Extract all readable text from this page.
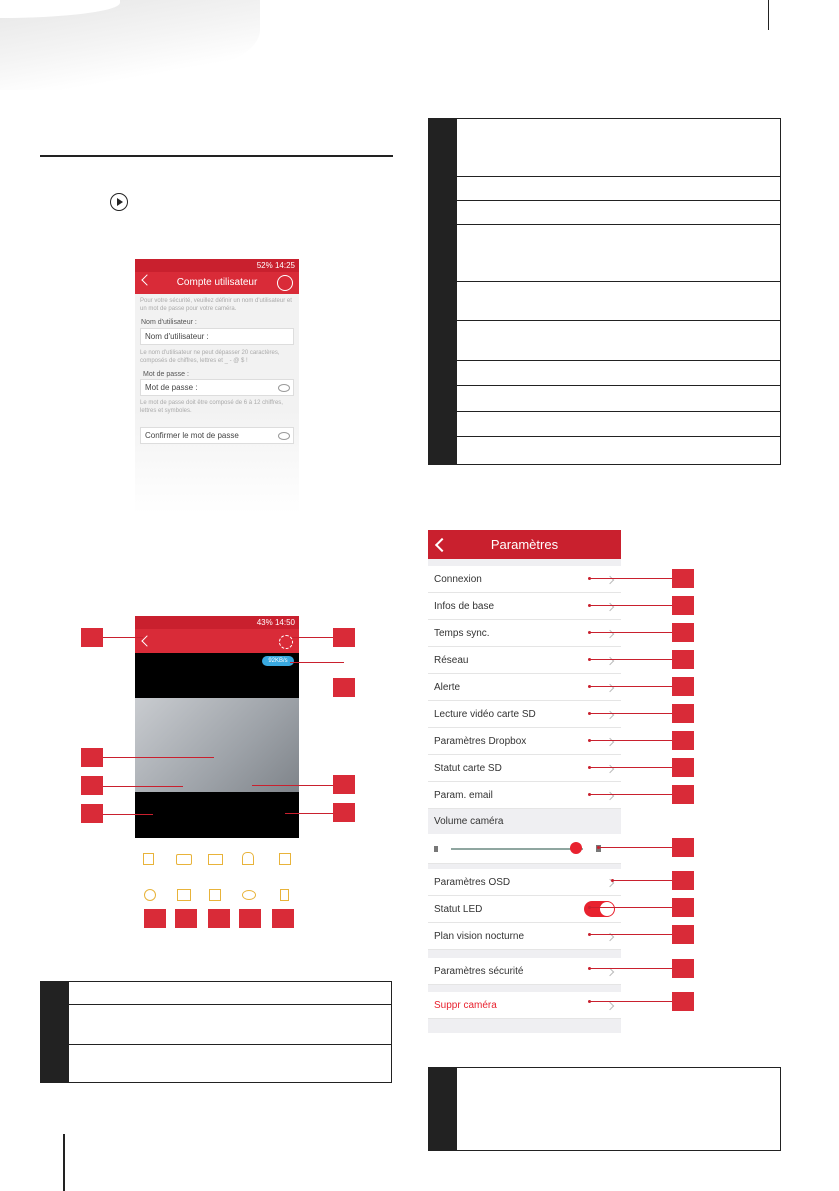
52% 14:25
Compte utilisateur
Pour votre sécurité, veuillez définir un nom d'utilisateur et un mot de passe pour votre caméra.
Nom d'utilisateur :
Nom d'utilisateur :
Le nom d'utilisateur ne peut dépasser 20 caractères, composés de chiffres, lettres et _ - @ $ !
Mot de passe :
Mot de passe :
Le mot de passe doit être composé de 6 à 12 chiffres, lettres et symboles.
Confirmer le mot de passe
43% 14:50
92KB/s
Paramètres
Connexion
Infos de base
Temps sync.
Réseau
Alerte
Lecture vidéo carte SD
Paramètres Dropbox
Statut carte SD
Param. email
Volume caméra
Paramètres OSD
Statut LED
Plan vision nocturne
Paramètres sécurité
Suppr caméra
